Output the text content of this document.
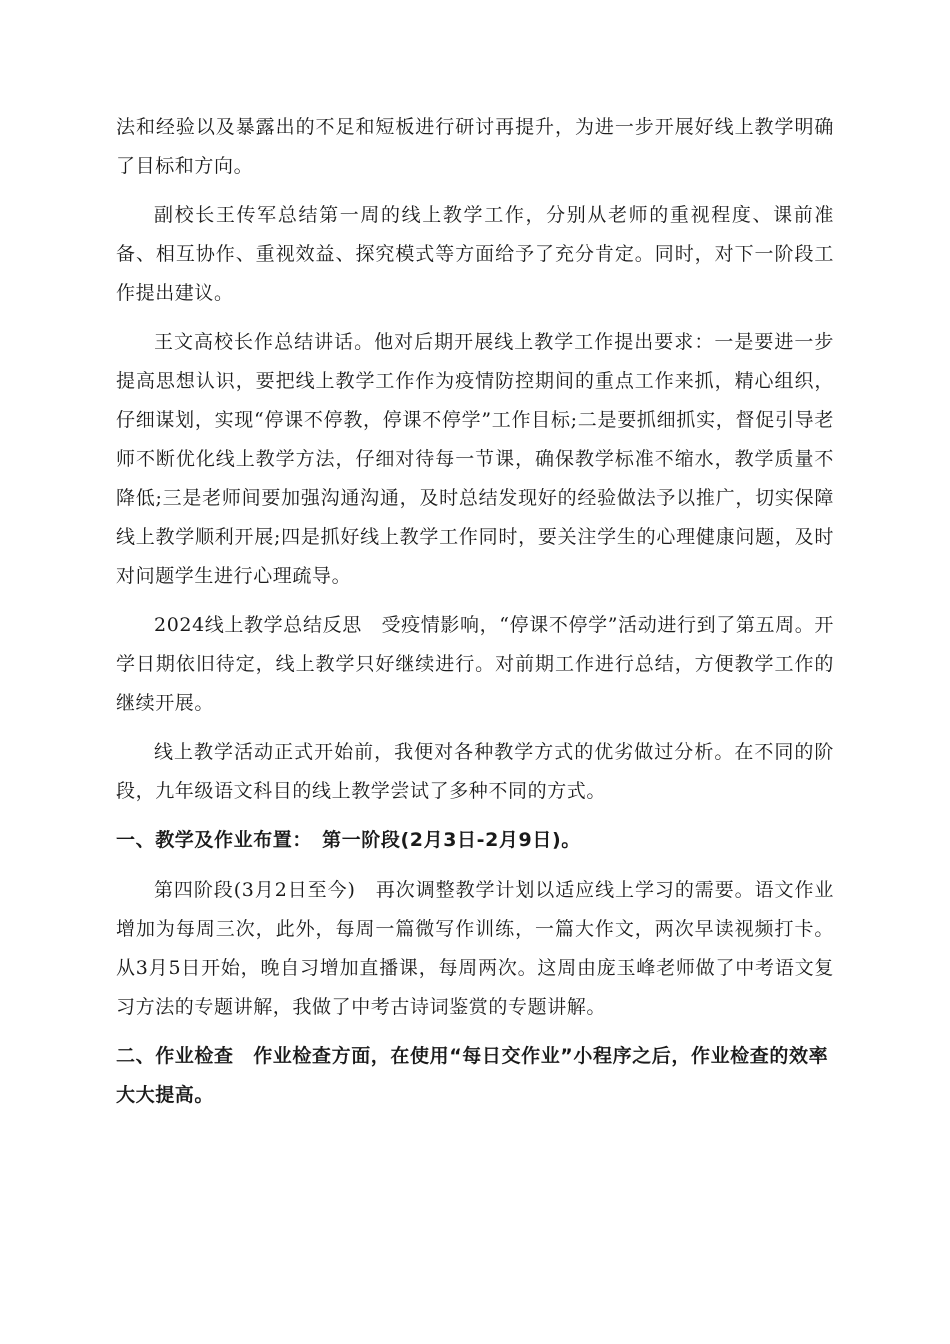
法和经验以及暴露出的不足和短板进行研讨再提升，为进一步开展好线上教学明确了目标和方向。

副校长王传军总结第一周的线上教学工作，分别从老师的重视程度、课前准备、相互协作、重视效益、探究模式等方面给予了充分肯定。同时，对下一阶段工作提出建议。

王文高校长作总结讲话。他对后期开展线上教学工作提出要求：一是要进一步提高思想认识，要把线上教学工作作为疫情防控期间的重点工作来抓，精心组织，仔细谋划，实现“停课不停教，停课不停学”工作目标;二是要抓细抓实，督促引导老师不断优化线上教学方法，仔细对待每一节课，确保教学标准不缩水，教学质量不降低;三是老师间要加强沟通沟通，及时总结发现好的经验做法予以推广，切实保障线上教学顺利开展;四是抓好线上教学工作同时，要关注学生的心理健康问题，及时对问题学生进行心理疏导。

2024线上教学总结反思　受疫情影响，“停课不停学”活动进行到了第五周。开学日期依旧待定，线上教学只好继续进行。对前期工作进行总结，方便教学工作的继续开展。

线上教学活动正式开始前，我便对各种教学方式的优劣做过分析。在不同的阶段，九年级语文科目的线上教学尝试了多种不同的方式。

一、教学及作业布置：　第一阶段(2月3日-2月9日)。

第四阶段(3月2日至今)　再次调整教学计划以适应线上学习的需要。语文作业增加为每周三次，此外，每周一篇微写作训练，一篇大作文，两次早读视频打卡。从3月5日开始，晚自习增加直播课，每周两次。这周由庞玉峰老师做了中考语文复习方法的专题讲解，我做了中考古诗词鉴赏的专题讲解。

二、作业检查　作业检查方面，在使用“每日交作业”小程序之后，作业检查的效率大大提高。
